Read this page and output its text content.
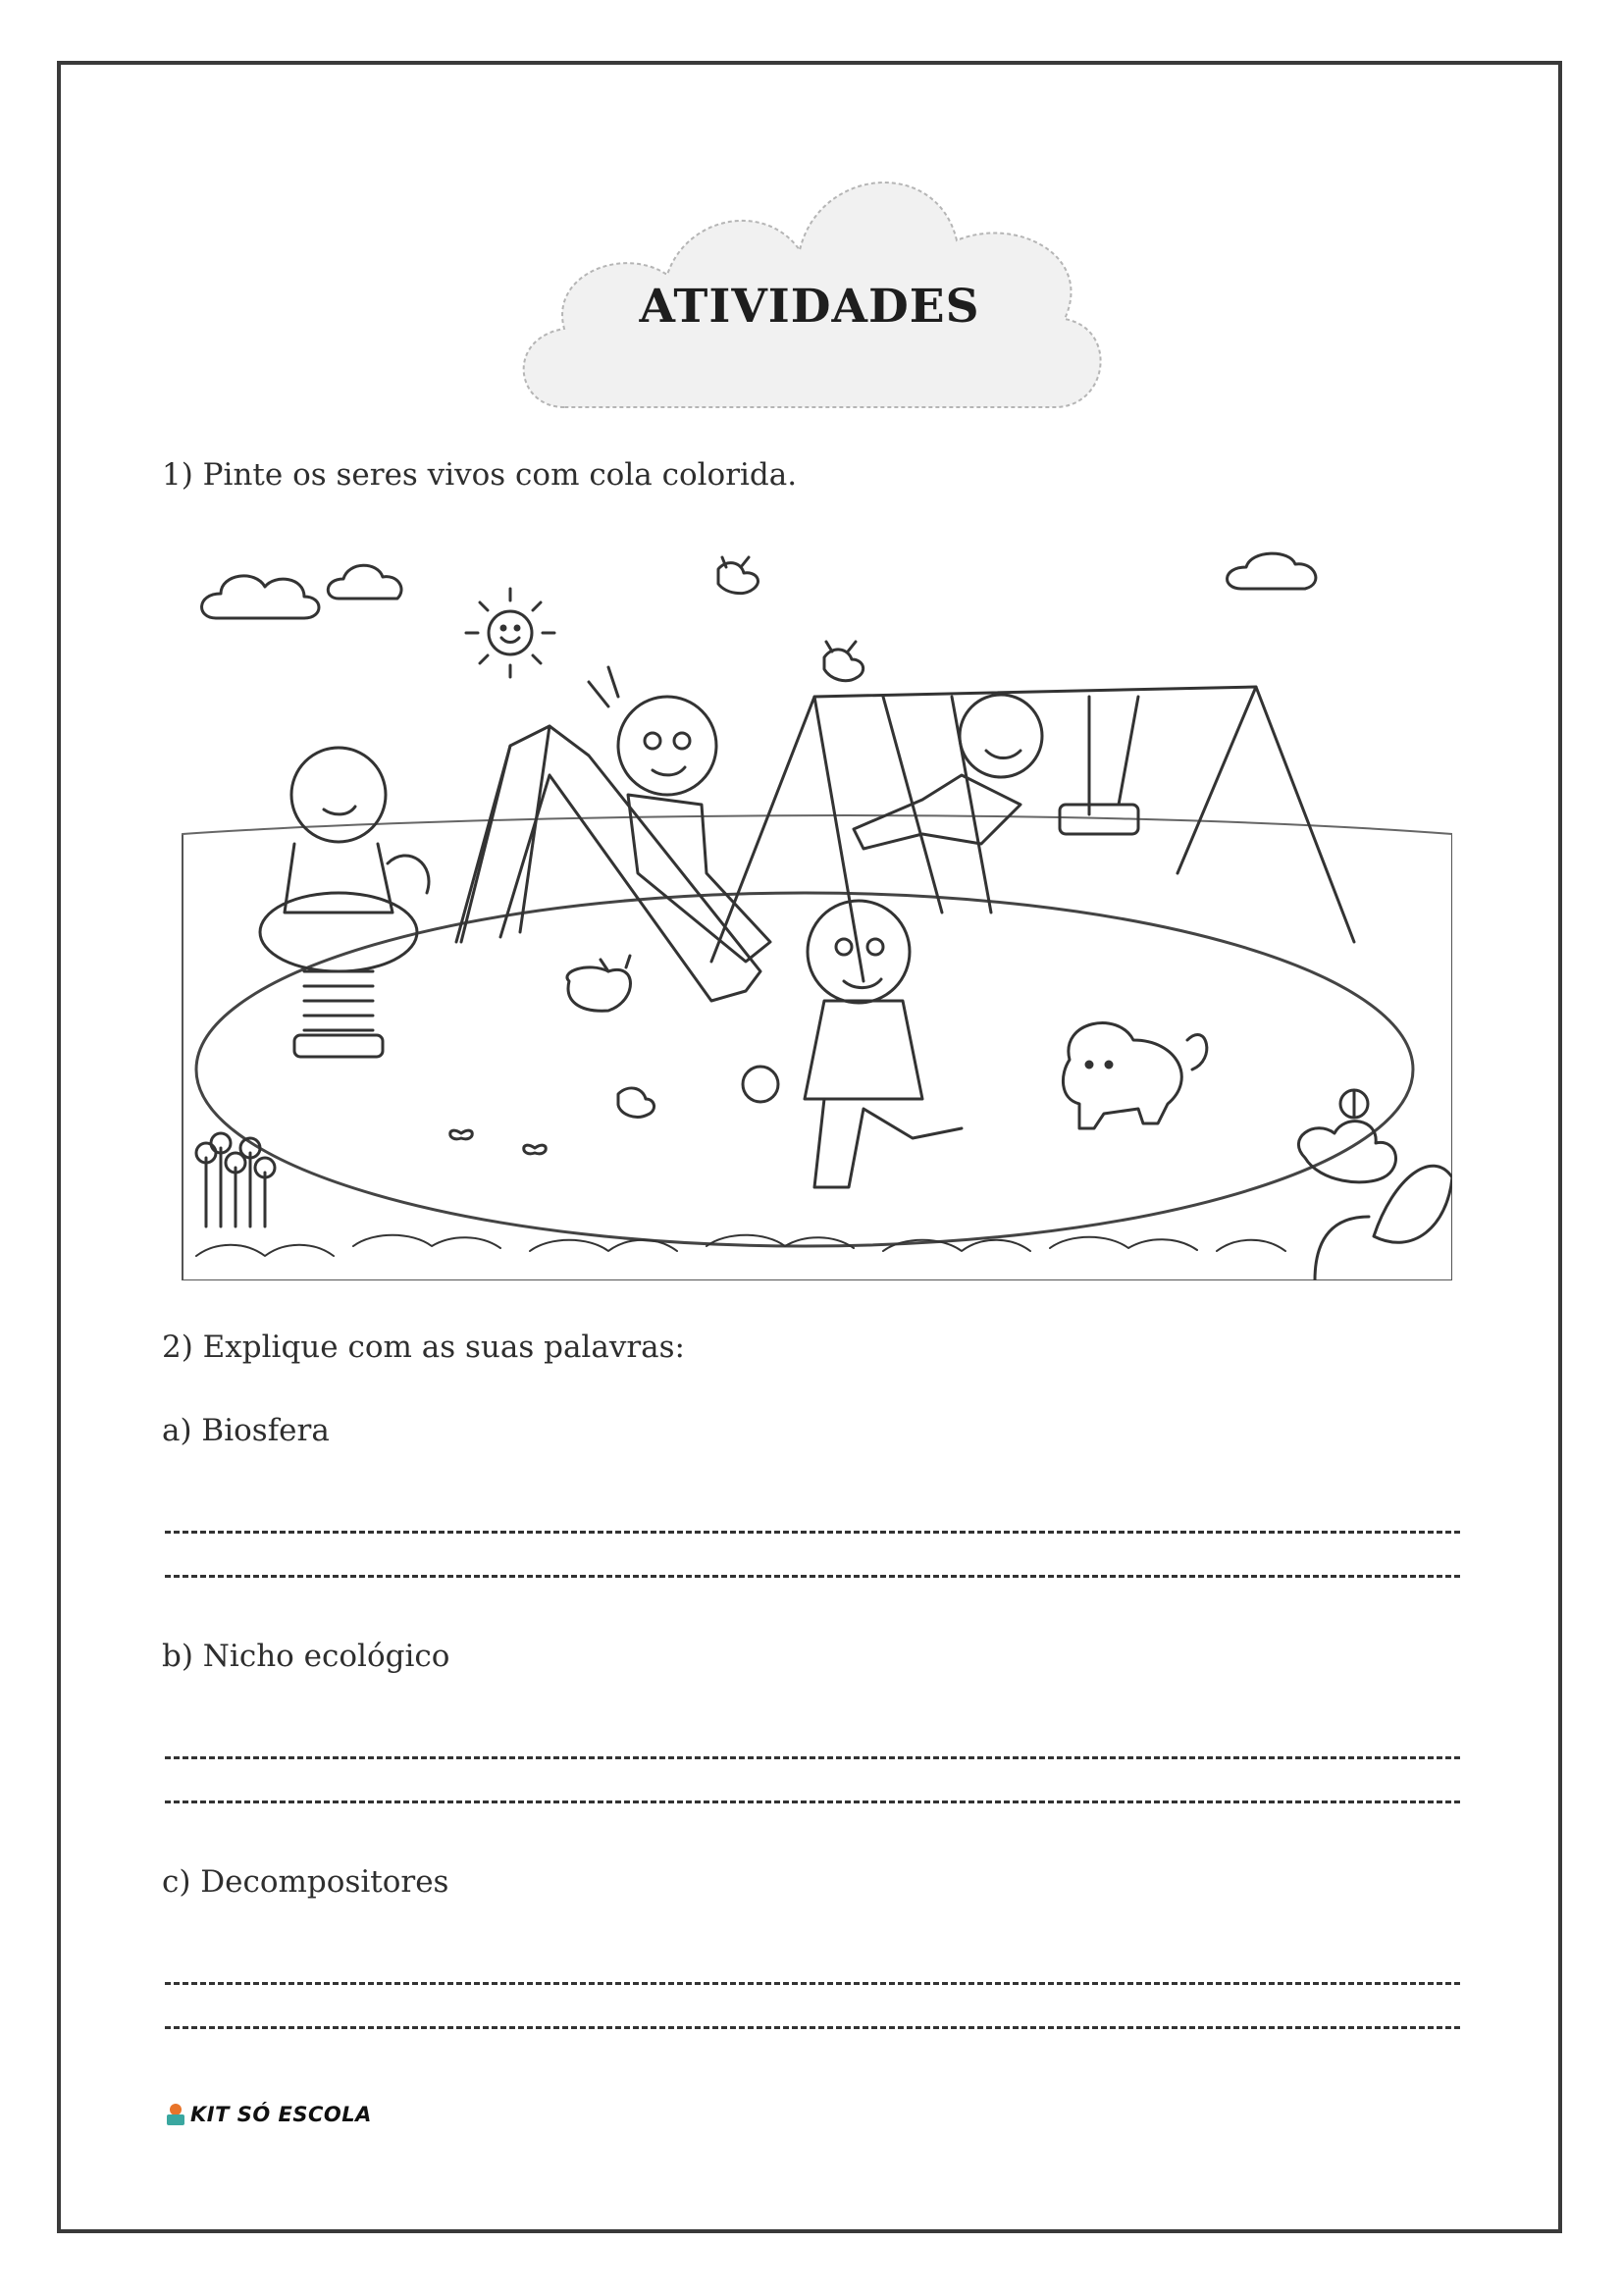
ATIVIDADES
1) Pinte os seres vivos com cola colorida.
2) Explique com as suas palavras:
a) Biosfera
b) Nicho ecológico
c) Decompositores
KIT SÓ ESCOLA
